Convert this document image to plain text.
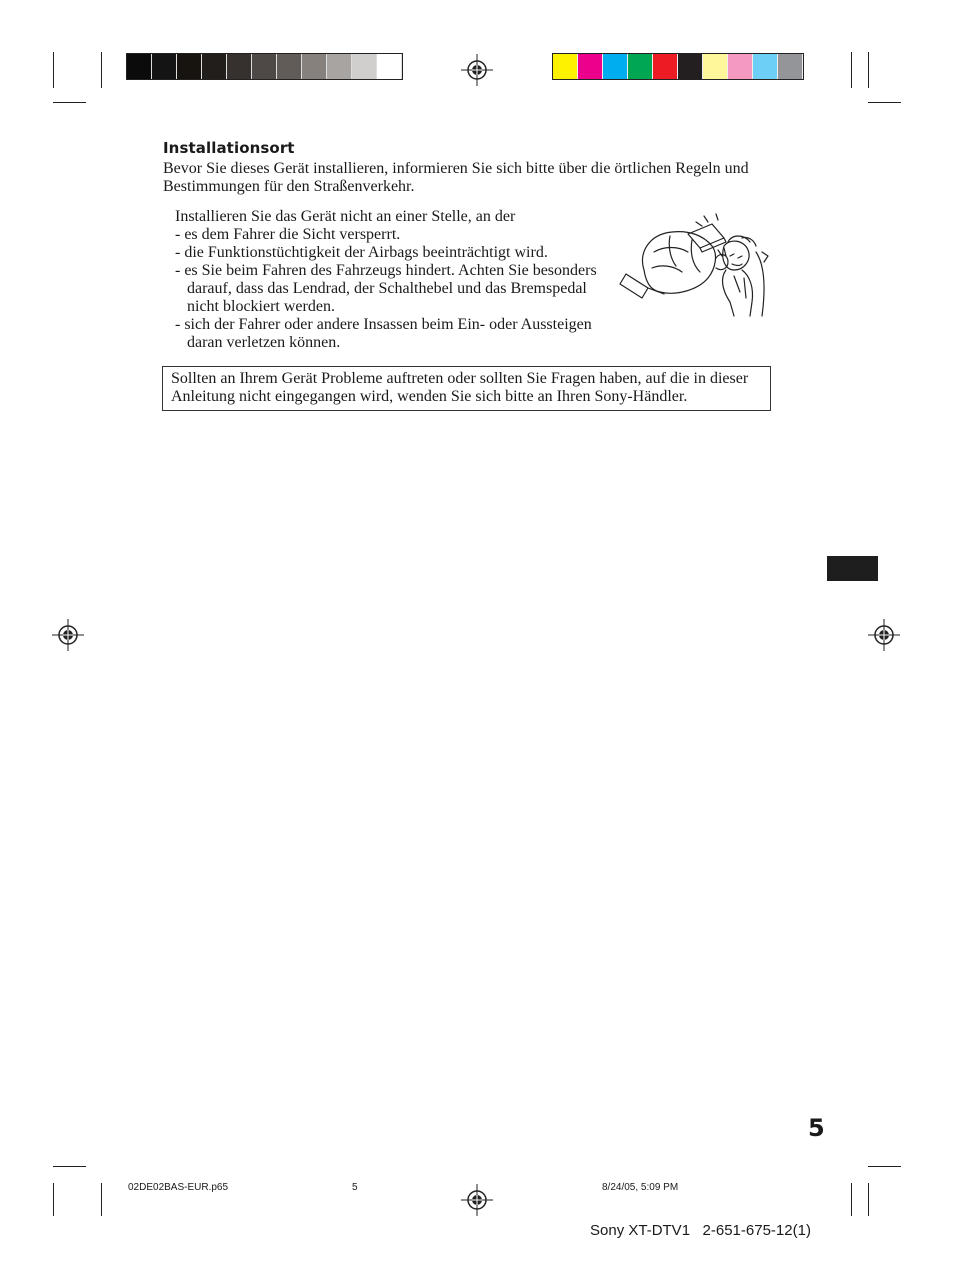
Installationsort
Bevor Sie dieses Gerät installieren, informieren Sie sich bitte über die örtlichen Regeln und Bestimmungen für den Straßenverkehr.
Installieren Sie das Gerät nicht an einer Stelle, an der
- es dem Fahrer die Sicht versperrt.
- die Funktionstüchtigkeit der Airbags beeinträchtigt wird.
- es Sie beim Fahren des Fahrzeugs hindert. Achten Sie besonders darauf, dass das Lendrad, der Schalthebel und das Bremspedal nicht blockiert werden.
- sich der Fahrer oder andere Insassen beim Ein- oder Aussteigen daran verletzen können.
Sollten an Ihrem Gerät Probleme auftreten oder sollten Sie Fragen haben, auf die in dieser Anleitung nicht eingegangen wird, wenden Sie sich bitte an Ihren Sony-Händler.
5
02DE02BAS-EUR.p65	5	8/24/05, 5:09 PM
Sony XT-DTV1   2-651-675-12(1)
